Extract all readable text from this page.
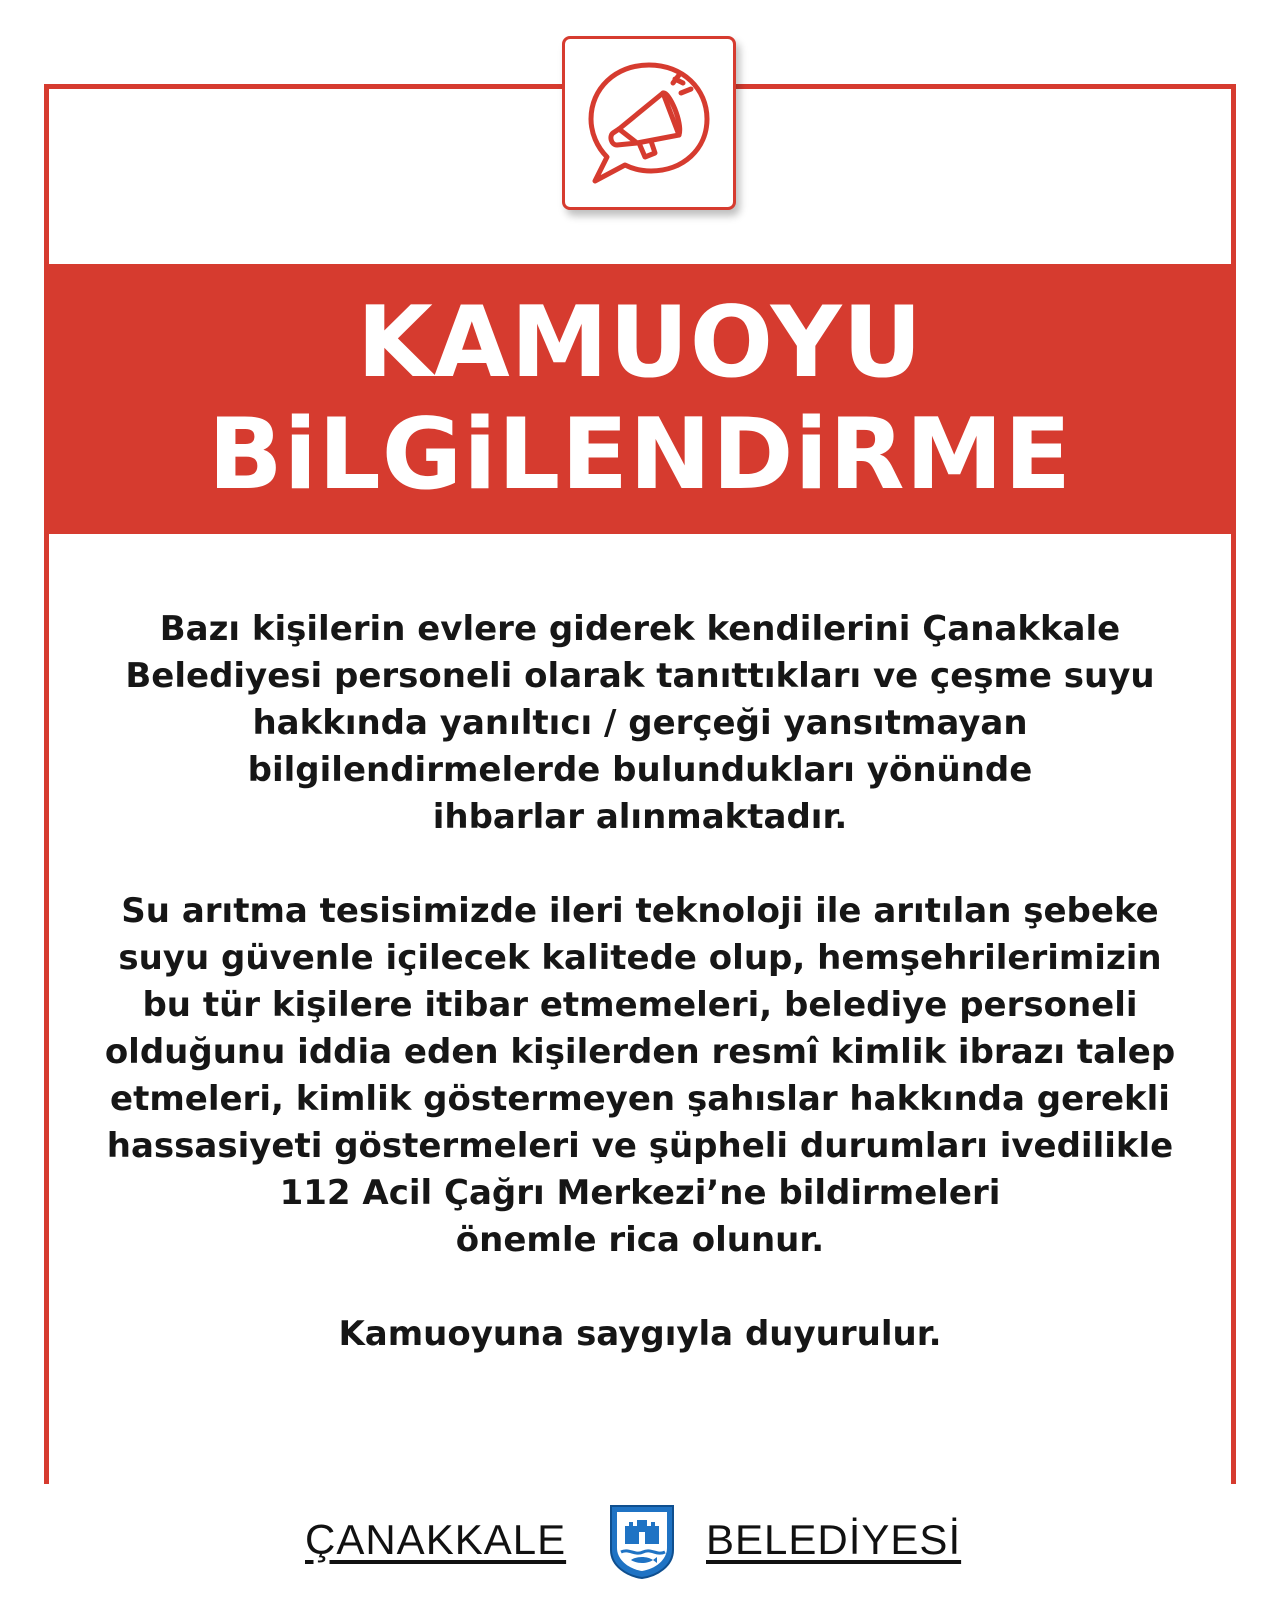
KAMUOYU
BiLGiLENDiRME
Bazı kişilerin evlere giderek kendilerini Çanakkale
Belediyesi personeli olarak tanıttıkları ve çeşme suyu
hakkında yanıltıcı / gerçeği yansıtmayan
bilgilendirmelerde bulundukları yönünde
ihbarlar alınmaktadır.
Su arıtma tesisimizde ileri teknoloji ile arıtılan şebeke
suyu güvenle içilecek kalitede olup, hemşehrilerimizin
bu tür kişilere itibar etmemeleri, belediye personeli
olduğunu iddia eden kişilerden resmî kimlik ibrazı talep
etmeleri, kimlik göstermeyen şahıslar hakkında gerekli
hassasiyeti göstermeleri ve şüpheli durumları ivedilikle
112 Acil Çağrı Merkezi’ne bildirmeleri
önemle rica olunur.
Kamuoyuna saygıyla duyurulur.
ÇANAKKALE	BELEDİYESİ
